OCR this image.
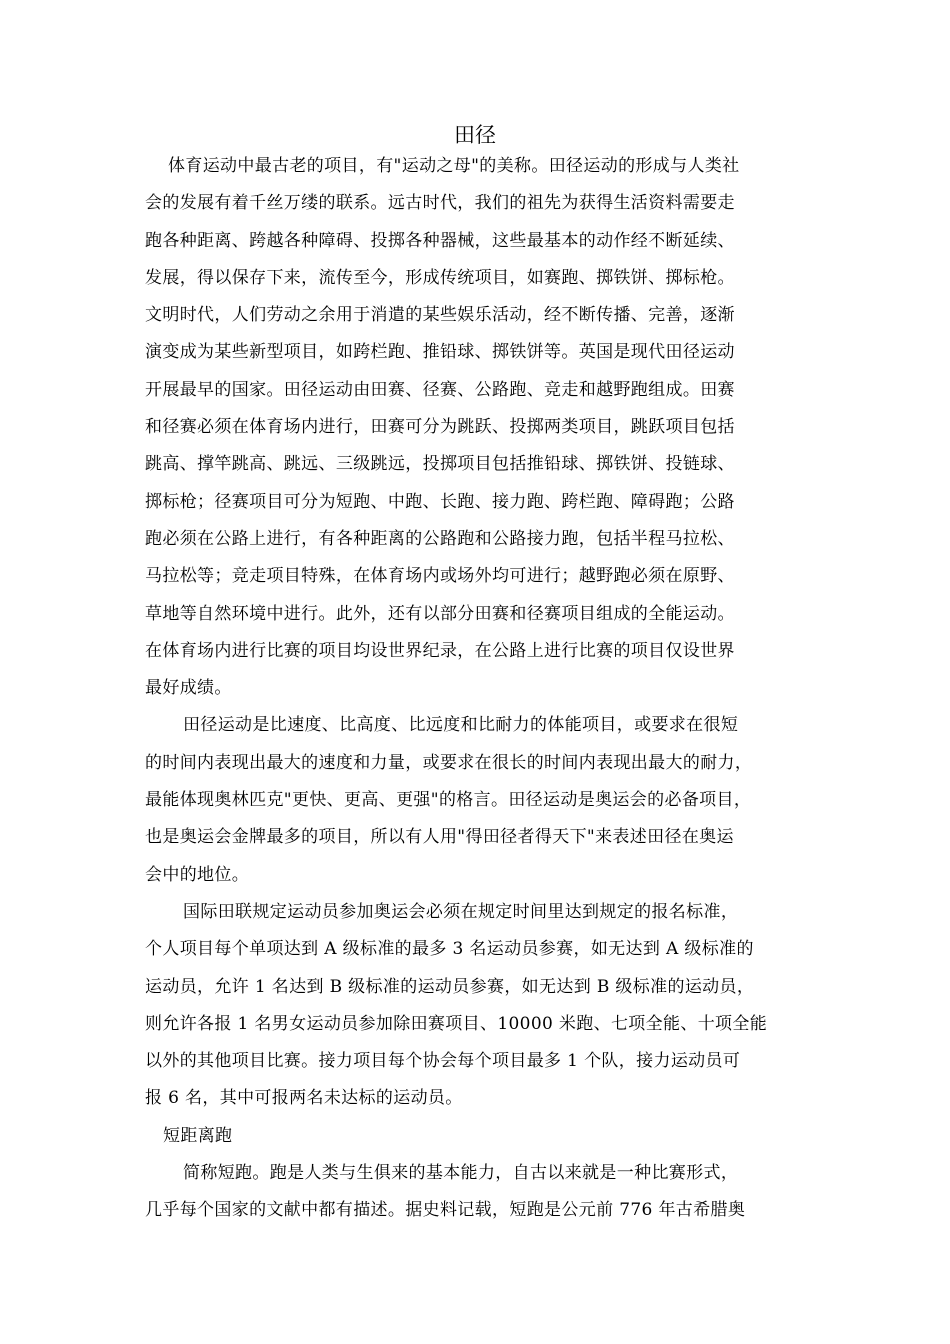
田径
体育运动中最古老的项目，有"运动之母"的美称。田径运动的形成与人类社
会的发展有着千丝万缕的联系。远古时代，我们的祖先为获得生活资料需要走
跑各种距离、跨越各种障碍、投掷各种器械，这些最基本的动作经不断延续、
发展，得以保存下来，流传至今，形成传统项目，如赛跑、掷铁饼、掷标枪。
文明时代，人们劳动之余用于消遣的某些娱乐活动，经不断传播、完善，逐渐
演变成为某些新型项目，如跨栏跑、推铅球、掷铁饼等。英国是现代田径运动
开展最早的国家。田径运动由田赛、径赛、公路跑、竞走和越野跑组成。田赛
和径赛必须在体育场内进行，田赛可分为跳跃、投掷两类项目，跳跃项目包括
跳高、撑竿跳高、跳远、三级跳远，投掷项目包括推铅球、掷铁饼、投链球、
掷标枪；径赛项目可分为短跑、中跑、长跑、接力跑、跨栏跑、障碍跑；公路
跑必须在公路上进行，有各种距离的公路跑和公路接力跑，包括半程马拉松、
马拉松等；竞走项目特殊，在体育场内或场外均可进行；越野跑必须在原野、
草地等自然环境中进行。此外，还有以部分田赛和径赛项目组成的全能运动。
在体育场内进行比赛的项目均设世界纪录，在公路上进行比赛的项目仅设世界
最好成绩。
田径运动是比速度、比高度、比远度和比耐力的体能项目，或要求在很短
的时间内表现出最大的速度和力量，或要求在很长的时间内表现出最大的耐力，
最能体现奥林匹克"更快、更高、更强"的格言。田径运动是奥运会的必备项目，
也是奥运会金牌最多的项目，所以有人用"得田径者得天下"来表述田径在奥运
会中的地位。
国际田联规定运动员参加奥运会必须在规定时间里达到规定的报名标准，
个人项目每个单项达到 A 级标准的最多 3 名运动员参赛，如无达到 A 级标准的
运动员，允许 1 名达到 B 级标准的运动员参赛，如无达到 B 级标准的运动员，
则允许各报 1 名男女运动员参加除田赛项目、10000 米跑、七项全能、十项全能
以外的其他项目比赛。接力项目每个协会每个项目最多 1 个队，接力运动员可
报 6 名，其中可报两名未达标的运动员。
短距离跑
简称短跑。跑是人类与生俱来的基本能力，自古以来就是一种比赛形式，
几乎每个国家的文献中都有描述。据史料记载，短跑是公元前 776 年古希腊奥
